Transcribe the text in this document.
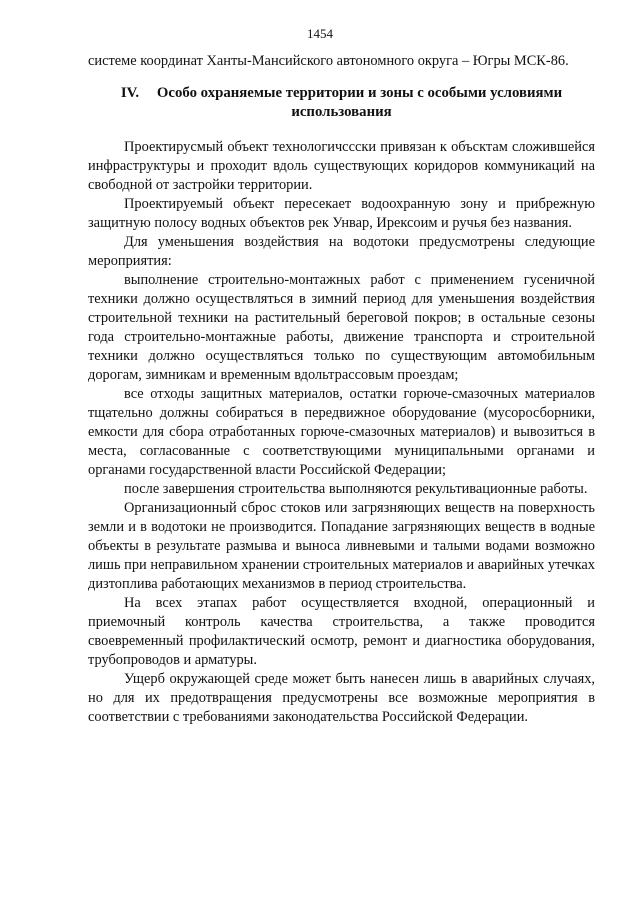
1454

системе координат Ханты-Мансийского автономного округа – Югры МСК-86.

IV. Особо охраняемые территории и зоны с особыми условиями использования

Проектирусмый объект технологичссски привязан к объсктам сложившейся инфраструктуры и проходит вдоль существующих коридоров коммуникаций на свободной от застройки территории.

Проектируемый объект пересекает водоохранную зону и прибрежную защитную полосу водных объектов рек Унвар, Ирексоим и ручья без названия.

Для уменьшения воздействия на водотоки предусмотрены следующие мероприятия:

выполнение строительно-монтажных работ с применением гусеничной техники должно осуществляться в зимний период для уменьшения воздействия строительной техники на растительный береговой покров; в остальные сезоны года строительно-монтажные работы, движение транспорта и строительной техники должно осуществляться только по существующим автомобильным дорогам, зимникам и временным вдольтрассовым проездам;

все отходы защитных материалов, остатки горюче-смазочных материалов тщательно должны собираться в передвижное оборудование (мусоросборники, емкости для сбора отработанных горюче-смазочных материалов) и вывозиться в места, согласованные с соответствующими муниципальными органами и органами государственной власти Российской Федерации;

после завершения строительства выполняются рекультивационные работы.

Организационный сброс стоков или загрязняющих веществ на поверхность земли и в водотоки не производится. Попадание загрязняющих веществ в водные объекты в результате размыва и выноса ливневыми и талыми водами возможно лишь при неправильном хранении строительных материалов и аварийных утечках дизтоплива работающих механизмов в период строительства.

На всех этапах работ осуществляется входной, операционный и приемочный контроль качества строительства, а также проводится своевременный профилактический осмотр, ремонт и диагностика оборудования, трубопроводов и арматуры.

Ущерб окружающей среде может быть нанесен лишь в аварийных случаях, но для их предотвращения предусмотрены все возможные мероприятия в соответствии с требованиями законодательства Российской Федерации.
